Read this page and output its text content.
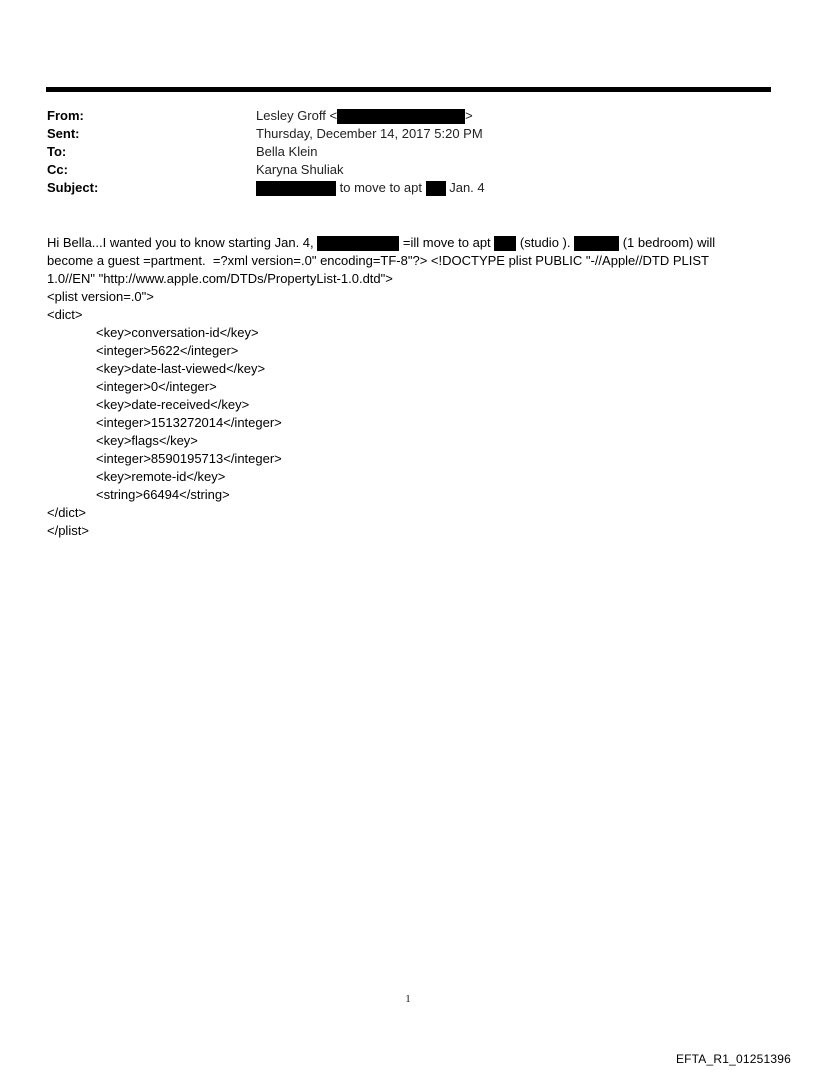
From:	Lesley Groff <	>
Sent:	Thursday, December 14, 2017 5:20 PM
To:	Bella Klein
Cc:	Karyna Shuliak
Subject:	to move to apt Jan. 4
Hi Bella...I wanted you to know starting Jan. 4,	=ill move to apt (studio ).	(1 bedroom) will
become a guest =partment.  =?xml version=.0" encoding=TF-8"?> <!DOCTYPE plist PUBLIC "-//Apple//DTD PLIST
1.0//EN" "http://www.apple.com/DTDs/PropertyList-1.0.dtd">
<plist version=.0">
<dict>
<key>conversation-id</key>
<integer>5622</integer>
<key>date-last-viewed</key>
<integer>0</integer>
<key>date-received</key>
<integer>1513272014</integer>
<key>flags</key>
<integer>8590195713</integer>
<key>remote-id</key>
<string>66494</string>
</dict>
</plist>
1
EFTA_R1_01251396
